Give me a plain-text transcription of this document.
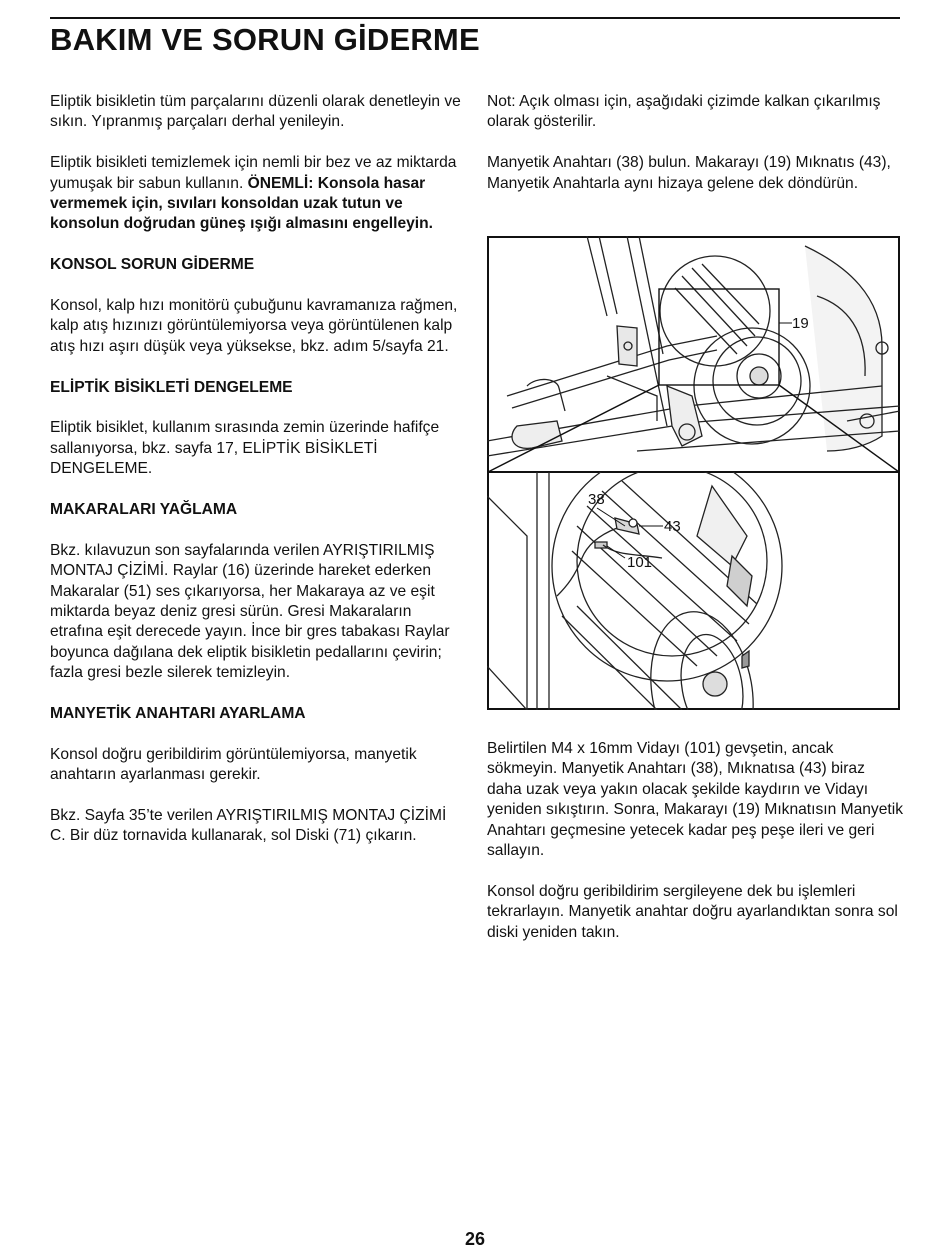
BAKIM VE SORUN GİDERME

Eliptik bisikletin tüm parçalarını düzenli olarak denetleyin ve sıkın. Yıpranmış parçaları derhal yenileyin.

Eliptik bisikleti temizlemek için nemli bir bez ve az miktarda yumuşak bir sabun kullanın. ÖNEMLİ: Konsola hasar vermemek için, sıvıları konsoldan uzak tutun ve konsolun doğrudan güneş ışığı almasını engelleyin.

KONSOL SORUN GİDERME

Konsol, kalp hızı monitörü çubuğunu kavramanıza rağmen, kalp atış hızınızı görüntülemiyorsa veya görüntülenen kalp atış hızı aşırı düşük veya yüksekse, bkz. adım 5/sayfa 21.

ELİPTİK BİSİKLETİ DENGELEME

Eliptik bisiklet, kullanım sırasında zemin üzerinde hafifçe sallanıyorsa, bkz. sayfa 17, ELİPTİK BİSİKLETİ DENGELEME.

MAKARALARI YAĞLAMA

Bkz. kılavuzun son sayfalarında verilen AYRIŞTIRILMIŞ MONTAJ ÇİZİMİ. Raylar (16) üzerinde hareket ederken Makaralar (51) ses çıkarıyorsa, her Makaraya az ve eşit miktarda beyaz deniz gresi sürün. Gresi Makaraların etrafına eşit derecede yayın. İnce bir gres tabakası Raylar boyunca dağılana dek eliptik bisikletin pedallarını çevirin; fazla gresi bezle silerek temizleyin.

MANYETİK ANAHTARI AYARLAMA

Konsol doğru geribildirim görüntülemiyorsa, manyetik anahtarın ayarlanması gerekir.

Bkz. Sayfa 35’te verilen AYRIŞTIRILMIŞ MONTAJ ÇİZİMİ C. Bir düz tornavida kullanarak, sol Diski (71) çıkarın.

Not: Açık olması için, aşağıdaki çizimde kalkan çıkarılmış olarak gösterilir.

Manyetik Anahtarı (38) bulun. Makarayı (19) Mıknatıs (43), Manyetik Anahtarla aynı hizaya gelene dek döndürün.

19
38
43
101

Belirtilen M4 x 16mm Vidayı (101) gevşetin, ancak sökmeyin. Manyetik Anahtarı (38), Mıknatısa (43) biraz daha uzak veya yakın olacak şekilde kaydırın ve Vidayı yeniden sıkıştırın. Sonra, Makarayı (19) Mıknatısın Manyetik Anahtarı geçmesine yetecek kadar peş peşe ileri ve geri sallayın.

Konsol doğru geribildirim sergileyene dek bu işlemleri tekrarlayın. Manyetik anahtar doğru ayarlandıktan sonra sol diski yeniden takın.

26
